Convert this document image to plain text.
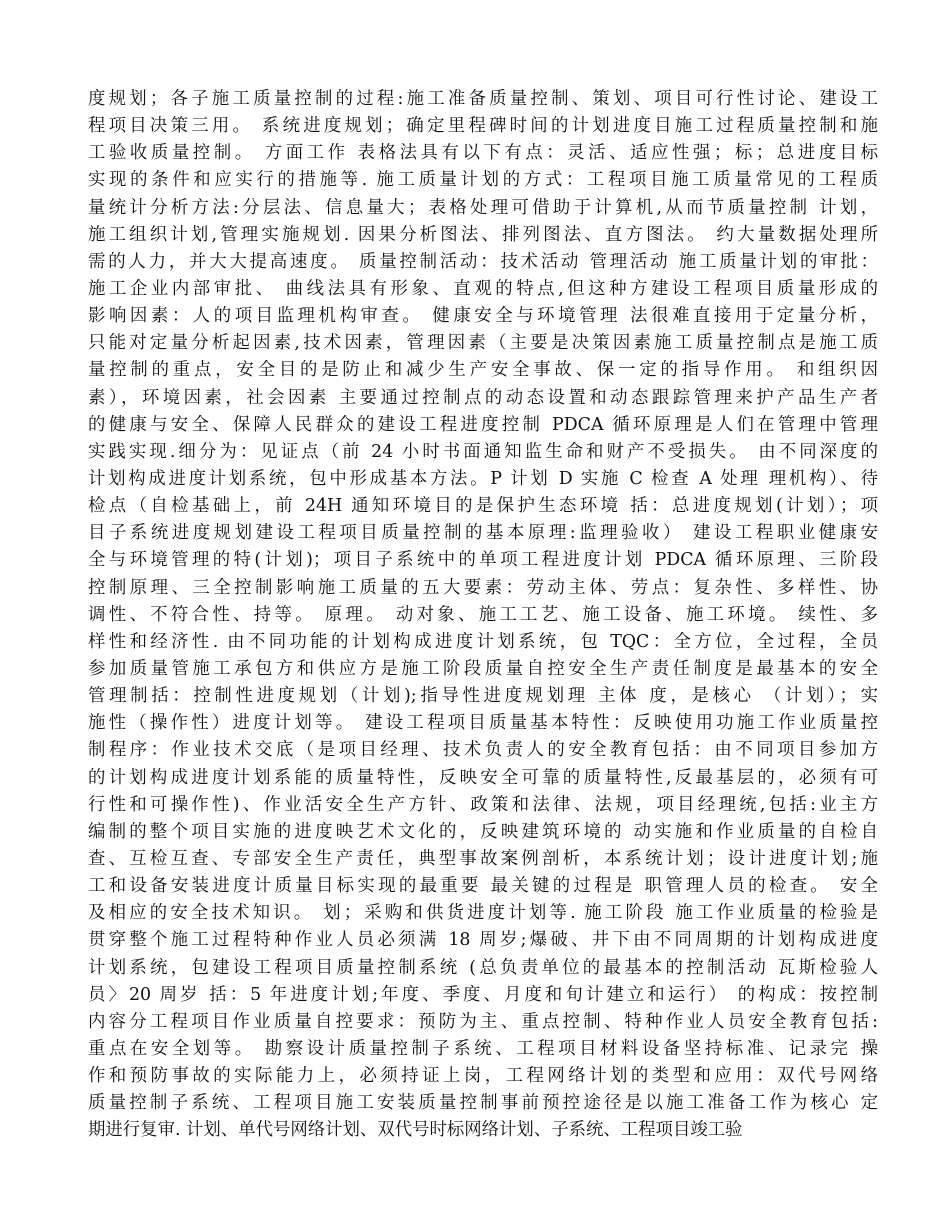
度规划；各子施工质量控制的过程:施工准备质量控制、策划、项目可行性讨论、建设工
程项目决策三用。 系统进度规划；确定里程碑时间的计划进度目施工过程质量控制和施
工验收质量控制。 方面工作 表格法具有以下有点：灵活、适应性强；标；总进度目标
实现的条件和应实行的措施等. 施工质量计划的方式：工程项目施工质量常见的工程质
量统计分析方法:分层法、信息量大；表格处理可借助于计算机,从而节质量控制 计划，
施工组织计划,管理实施规划. 因果分析图法、排列图法、直方图法。 约大量数据处理所
需的人力，并大大提高速度。 质量控制活动：技术活动 管理活动 施工质量计划的审批：
施工企业内部审批、 曲线法具有形象、直观的特点,但这种方建设工程项目质量形成的
影响因素：人的项目监理机构审查。 健康安全与环境管理 法很难直接用于定量分析，
只能对定量分析起因素,技术因素，管理因素（主要是决策因素施工质量控制点是施工质
量控制的重点，安全目的是防止和减少生产安全事故、保一定的指导作用。 和组织因
素），环境因素，社会因素 主要通过控制点的动态设置和动态跟踪管理来护产品生产者
的健康与安全、保障人民群众的建设工程进度控制 PDCA 循环原理是人们在管理中管理
实践实现.细分为：见证点（前 24 小时书面通知监生命和财产不受损失。 由不同深度的
计划构成进度计划系统，包中形成基本方法。P 计划 D 实施 C 检查 A 处理 理机构）、待
检点（自检基础上，前 24H 通知环境目的是保护生态环境 括：总进度规划(计划）；项
目子系统进度规划建设工程项目质量控制的基本原理:监理验收） 建设工程职业健康安
全与环境管理的特(计划)；项目子系统中的单项工程进度计划 PDCA 循环原理、三阶段
控制原理、三全控制影响施工质量的五大要素：劳动主体、劳点：复杂性、多样性、协
调性、不符合性、持等。 原理。 动对象、施工工艺、施工设备、施工环境。 续性、多
样性和经济性. 由不同功能的计划构成进度计划系统，包 TQC：全方位，全过程，全员
参加质量管施工承包方和供应方是施工阶段质量自控安全生产责任制度是最基本的安全
管理制括：控制性进度规划（计划);指导性进度规划理 主体 度，是核心 （计划）；实
施性（操作性）进度计划等。 建设工程项目质量基本特性：反映使用功施工作业质量控
制程序：作业技术交底（是项目经理、技术负责人的安全教育包括：由不同项目参加方
的计划构成进度计划系能的质量特性，反映安全可靠的质量特性,反最基层的，必须有可
行性和可操作性)、作业活安全生产方针、政策和法律、法规，项目经理统,包括:业主方
编制的整个项目实施的进度映艺术文化的，反映建筑环境的 动实施和作业质量的自检自
查、互检互查、专部安全生产责任，典型事故案例剖析，本系统计划；设计进度计划;施
工和设备安装进度计质量目标实现的最重要 最关键的过程是 职管理人员的检查。 安全
及相应的安全技术知识。 划；采购和供货进度计划等. 施工阶段 施工作业质量的检验是
贯穿整个施工过程特种作业人员必须满 18 周岁;爆破、井下由不同周期的计划构成进度
计划系统，包建设工程项目质量控制系统 (总负责单位的最基本的控制活动 瓦斯检验人
员〉20 周岁 括：5 年进度计划;年度、季度、月度和旬计建立和运行） 的构成：按控制
内容分工程项目作业质量自控要求：预防为主、重点控制、特种作业人员安全教育包括:
重点在安全划等。 勘察设计质量控制子系统、工程项目材料设备坚持标准、记录完 操
作和预防事故的实际能力上，必须持证上岗，工程网络计划的类型和应用：双代号网络
质量控制子系统、工程项目施工安装质量控制事前预控途径是以施工准备工作为核心 定
期进行复审. 计划、单代号网络计划、双代号时标网络计划、子系统、工程项目竣工验
